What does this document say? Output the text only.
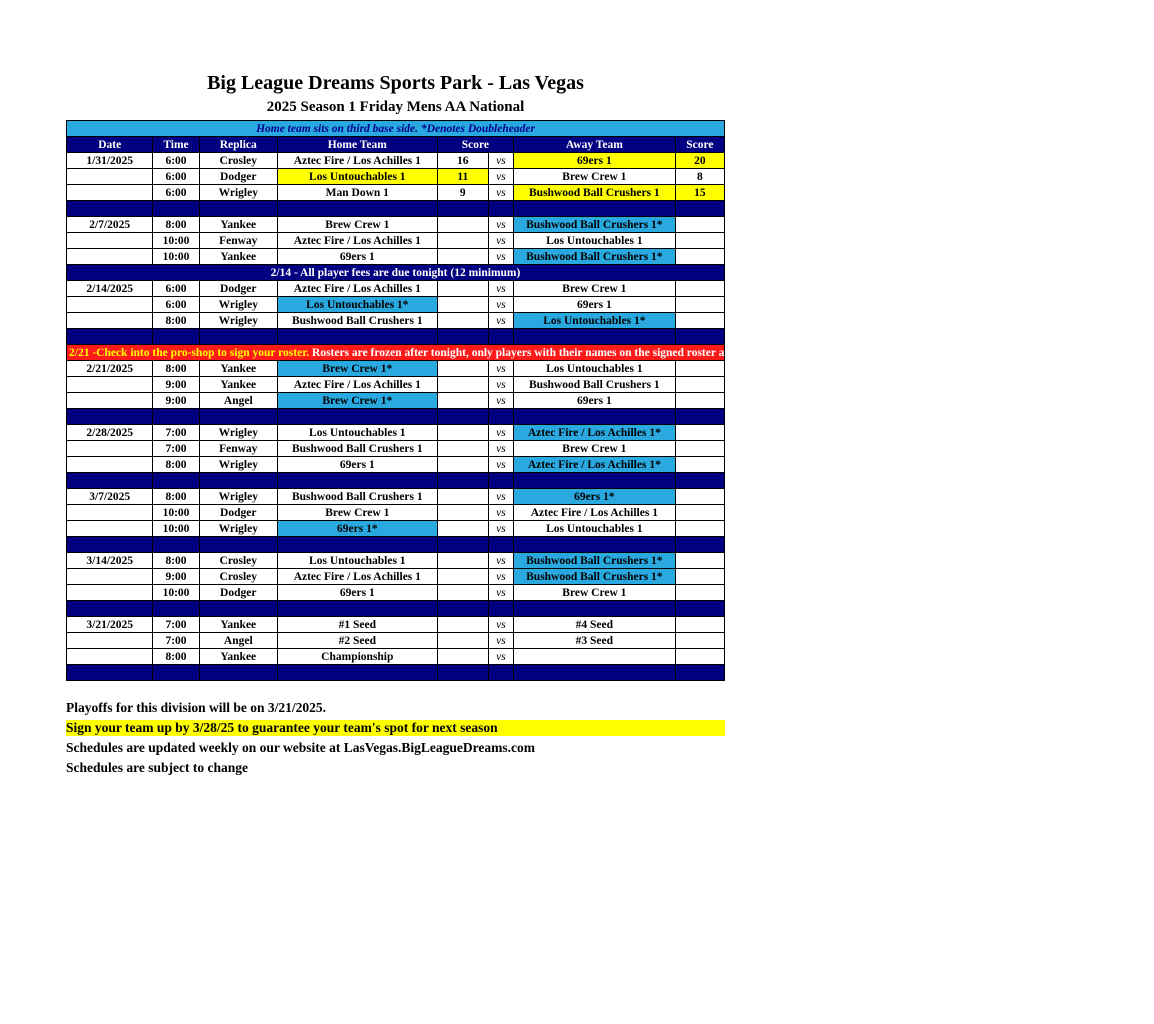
Big League Dreams Sports Park - Las Vegas
2025 Season 1 Friday Mens AA National
Home team sits on third base side. *Denotes Doubleheader							
Date	Time	Replica	Home Team	Score		Away Team	Score
1/31/2025	6:00	Crosley	Aztec Fire / Los Achilles 1	16	vs	69ers 1	20
	6:00	Dodger	Los Untouchables 1	11	vs	Brew Crew 1	8
	6:00	Wrigley	Man Down 1	9	vs	Bushwood Ball Crushers 1	15

2/7/2025	8:00	Yankee	Brew Crew 1		vs	Bushwood Ball Crushers 1*	
	10:00	Fenway	Aztec Fire / Los Achilles 1		vs	Los Untouchables 1	
	10:00	Yankee	69ers 1		vs	Bushwood Ball Crushers 1*	
2/14 - All player fees are due tonight (12 minimum)							
2/14/2025	6:00	Dodger	Aztec Fire / Los Achilles 1		vs	Brew Crew 1	
	6:00	Wrigley	Los Untouchables 1*		vs	69ers 1	
	8:00	Wrigley	Bushwood Ball Crushers 1		vs	Los Untouchables 1*	

2/21 -Check into the pro-shop to sign your roster. Rosters are frozen after tonight, only players with their names on the signed roster are eligible for playoffs. Please check carefully as changes will not be made for omissions.							
2/21/2025	8:00	Yankee	Brew Crew 1*		vs	Los Untouchables 1	
	9:00	Yankee	Aztec Fire / Los Achilles 1		vs	Bushwood Ball Crushers 1	
	9:00	Angel	Brew Crew 1*		vs	69ers 1	

2/28/2025	7:00	Wrigley	Los Untouchables 1		vs	Aztec Fire / Los Achilles 1*	
	7:00	Fenway	Bushwood Ball Crushers 1		vs	Brew Crew 1	
	8:00	Wrigley	69ers 1		vs	Aztec Fire / Los Achilles 1*	

3/7/2025	8:00	Wrigley	Bushwood Ball Crushers 1		vs	69ers 1*	
	10:00	Dodger	Brew Crew 1		vs	Aztec Fire / Los Achilles 1	
	10:00	Wrigley	69ers 1*		vs	Los Untouchables 1	

3/14/2025	8:00	Crosley	Los Untouchables 1		vs	Bushwood Ball Crushers 1*	
	9:00	Crosley	Aztec Fire / Los Achilles 1		vs	Bushwood Ball Crushers 1*	
	10:00	Dodger	69ers 1		vs	Brew Crew 1	

3/21/2025	7:00	Yankee	#1 Seed		vs	#4 Seed	
	7:00	Angel	#2 Seed		vs	#3 Seed	
	8:00	Yankee	Championship		vs		

Playoffs for this division will be on 3/21/2025.
Sign your team up by 3/28/25 to guarantee your team's spot for next season
Schedules are updated weekly on our website at LasVegas.BigLeagueDreams.com
Schedules are subject to change
